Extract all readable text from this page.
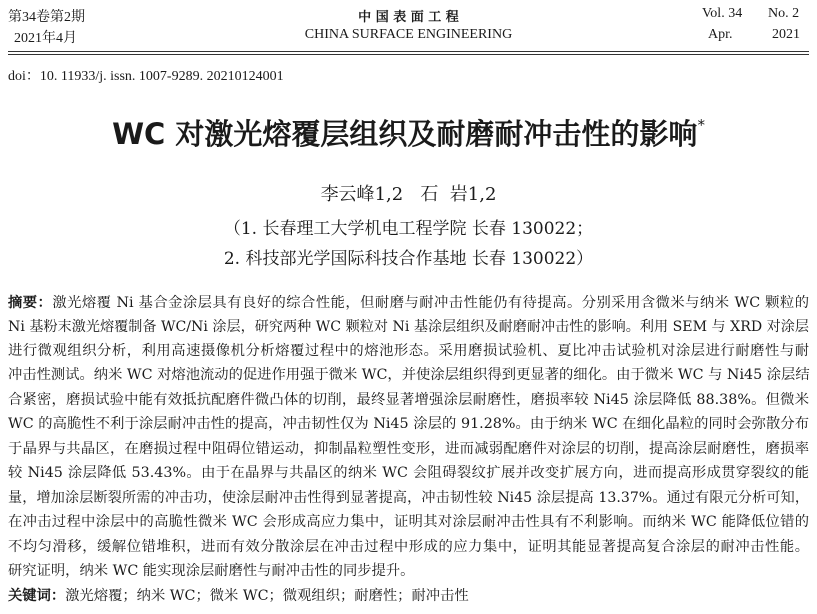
第34卷第2期
2021年4月
中 国 表 面 工 程
CHINA SURFACE ENGINEERING
Vol. 34 No. 2
Apr.	2021
doi：10. 11933/j. issn. 1007-9289. 20210124001
WC 对激光熔覆层组织及耐磨耐冲击性的影响*
李云峰1,2   石  岩1,2
（1. 长春理工大学机电工程学院 长春 130022；
2. 科技部光学国际科技合作基地 长春 130022）
摘要：激光熔覆 Ni 基合金涂层具有良好的综合性能，但耐磨与耐冲击性能仍有待提高。分别采用含微米与纳米 WC 颗粒的
Ni 基粉末激光熔覆制备 WC/Ni 涂层，研究两种 WC 颗粒对 Ni 基涂层组织及耐磨耐冲击性的影响。利用 SEM 与 XRD 对涂层
进行微观组织分析，利用高速摄像机分析熔覆过程中的熔池形态。采用磨损试验机、夏比冲击试验机对涂层进行耐磨性与耐
冲击性测试。纳米 WC 对熔池流动的促进作用强于微米 WC，并使涂层组织得到更显著的细化。由于微米 WC 与 Ni45 涂层结
合紧密，磨损试验中能有效抵抗配磨件微凸体的切削，最终显著增强涂层耐磨性，磨损率较 Ni45 涂层降低 88.38%。但微米
WC 的高脆性不利于涂层耐冲击性的提高，冲击韧性仅为 Ni45 涂层的 91.28%。由于纳米 WC 在细化晶粒的同时会弥散分布
于晶界与共晶区，在磨损过程中阻碍位错运动，抑制晶粒塑性变形，进而减弱配磨件对涂层的切削，提高涂层耐磨性，磨损率
较 Ni45 涂层降低 53.43%。由于在晶界与共晶区的纳米 WC 会阻碍裂纹扩展并改变扩展方向，进而提高形成贯穿裂纹的能
量，增加涂层断裂所需的冲击功，使涂层耐冲击性得到显著提高，冲击韧性较 Ni45 涂层提高 13.37%。通过有限元分析可知，
在冲击过程中涂层中的高脆性微米 WC 会形成高应力集中，证明其对涂层耐冲击性具有不利影响。而纳米 WC 能降低位错的
不均匀滑移，缓解位错堆积，进而有效分散涂层在冲击过程中形成的应力集中，证明其能显著提高复合涂层的耐冲击性能。
研究证明，纳米 WC 能实现涂层耐磨性与耐冲击性的同步提升。
关键词：激光熔覆；纳米 WC；微米 WC；微观组织；耐磨性；耐冲击性
